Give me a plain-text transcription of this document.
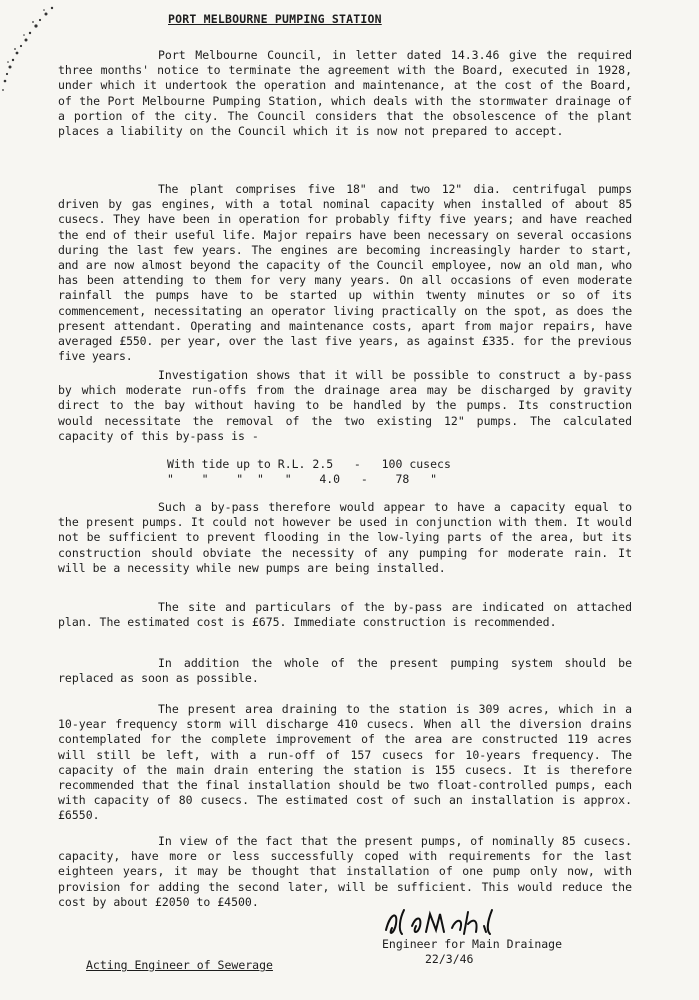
PORT MELBOURNE PUMPING STATION

Port Melbourne Council, in letter dated 14.3.46 give the required three months' notice to terminate the agreement with the Board, executed in 1928, under which it undertook the operation and maintenance, at the cost of the Board, of the Port Melbourne Pumping Station, which deals with the stormwater drainage of a portion of the city. The Council considers that the obsolescence of the plant places a liability on the Council which it is now not prepared to accept.

The plant comprises five 18" and two 12" dia. centrifugal pumps driven by gas engines, with a total nominal capacity when installed of about 85 cusecs. They have been in operation for probably fifty five years; and have reached the end of their useful life. Major repairs have been necessary on several occasions during the last few years. The engines are becoming increasingly harder to start, and are now almost beyond the capacity of the Council employee, now an old man, who has been attending to them for very many years. On all occasions of even moderate rainfall the pumps have to be started up within twenty minutes or so of its commencement, necessitating an operator living practically on the spot, as does the present attendant. Operating and maintenance costs, apart from major repairs, have averaged £550. per year, over the last five years, as against £335. for the previous five years.

Investigation shows that it will be possible to construct a by-pass by which moderate run-offs from the drainage area may be discharged by gravity direct to the bay without having to be handled by the pumps. Its construction would necessitate the removal of the two existing 12" pumps. The calculated capacity of this by-pass is -

With tide up to R.L. 2.5   -   100 cusecs
"    "    "  "   "    4.0   -    78   "

Such a by-pass therefore would appear to have a capacity equal to the present pumps. It could not however be used in conjunction with them. It would not be sufficient to prevent flooding in the low-lying parts of the area, but its construction should obviate the necessity of any pumping for moderate rain. It will be a necessity while new pumps are being installed.

The site and particulars of the by-pass are indicated on attached plan. The estimated cost is £675. Immediate construction is recommended.

In addition the whole of the present pumping system should be replaced as soon as possible.

The present area draining to the station is 309 acres, which in a 10-year frequency storm will discharge 410 cusecs. When all the diversion drains contemplated for the complete improvement of the area are constructed 119 acres will still be left, with a run-off of 157 cusecs for 10-years frequency. The capacity of the main drain entering the station is 155 cusecs. It is therefore recommended that the final installation should be two float-controlled pumps, each with capacity of 80 cusecs. The estimated cost of such an installation is approx. £6550.

In view of the fact that the present pumps, of nominally 85 cusecs. capacity, have more or less successfully coped with requirements for the last eighteen years, it may be thought that installation of one pump only now, with provision for adding the second later, will be sufficient. This would reduce the cost by about £2050 to £4500.

Engineer for Main Drainage
22/3/46
Acting Engineer of Sewerage
